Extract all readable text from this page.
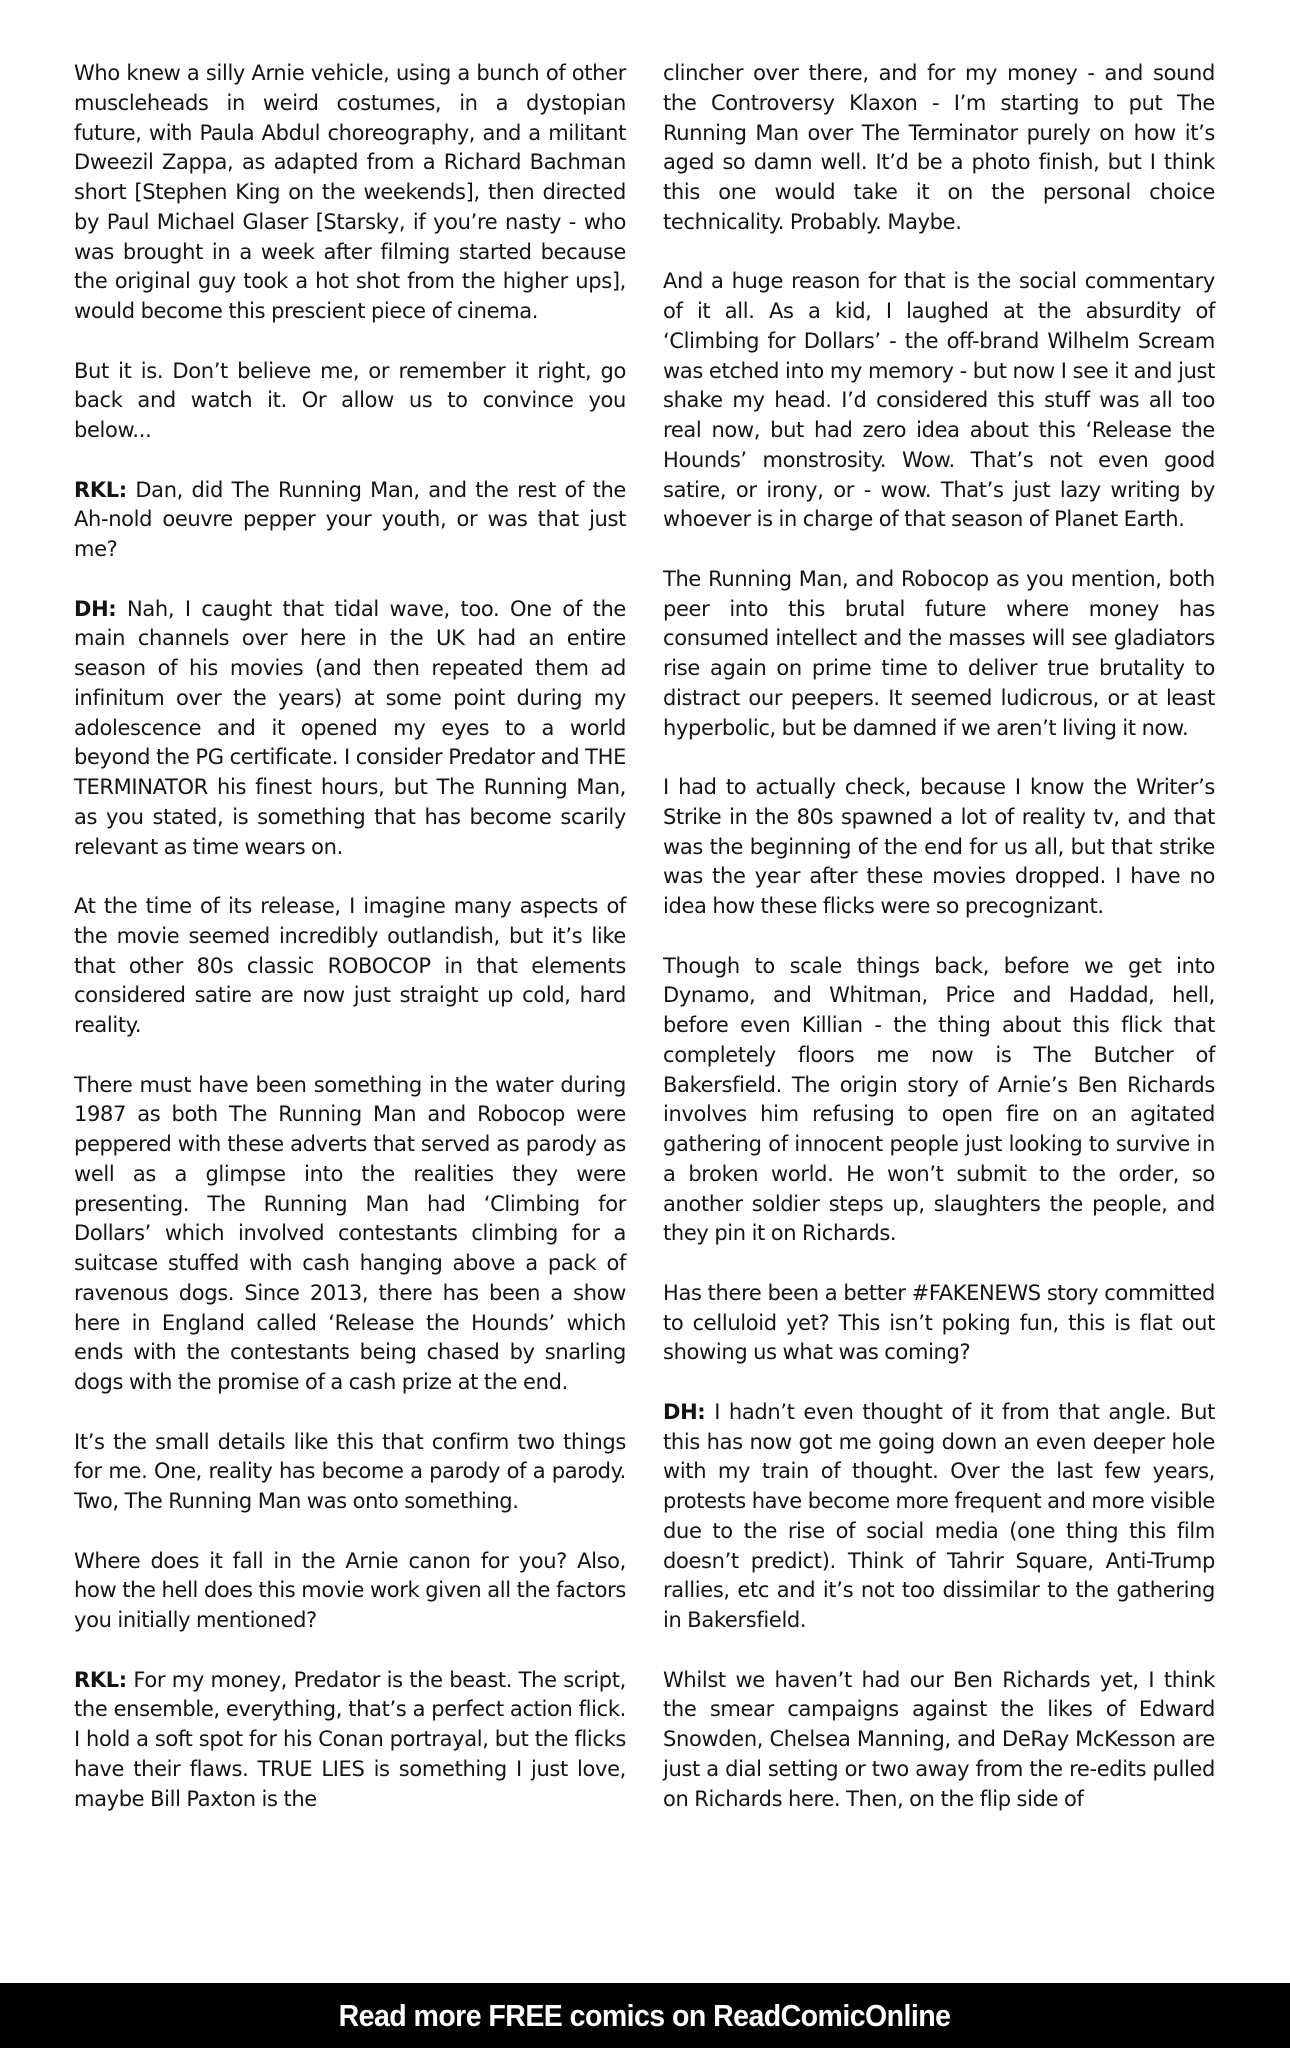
Who knew a silly Arnie vehicle, using a bunch of other muscleheads in weird costumes, in a dystopian future, with Paula Abdul choreography, and a militant Dweezil Zappa, as adapted from a Richard Bachman short [Stephen King on the weekends], then directed by Paul Michael Glaser [Starsky, if you’re nasty - who was brought in a week after filming started because the original guy took a hot shot from the higher ups], would become this prescient piece of cinema.

But it is. Don’t believe me, or remember it right, go back and watch it. Or allow us to convince you below...

RKL: Dan, did The Running Man, and the rest of the Ah-nold oeuvre pepper your youth, or was that just me?

DH: Nah, I caught that tidal wave, too. One of the main channels over here in the UK had an entire season of his movies (and then repeated them ad infinitum over the years) at some point during my adolescence and it opened my eyes to a world beyond the PG certificate. I consider Predator and THE TERMINATOR his finest hours, but The Running Man, as you stated, is something that has become scarily relevant as time wears on.

At the time of its release, I imagine many aspects of the movie seemed incredibly outlandish, but it’s like that other 80s classic ROBOCOP in that elements considered satire are now just straight up cold, hard reality.

There must have been something in the water during 1987 as both The Running Man and Robocop were peppered with these adverts that served as parody as well as a glimpse into the realities they were presenting. The Running Man had ‘Climbing for Dollars’ which involved contestants climbing for a suitcase stuffed with cash hanging above a pack of ravenous dogs. Since 2013, there has been a show here in England called ‘Release the Hounds’ which ends with the contestants being chased by snarling dogs with the promise of a cash prize at the end.

It’s the small details like this that confirm two things for me. One, reality has become a parody of a parody. Two, The Running Man was onto something.

Where does it fall in the Arnie canon for you? Also, how the hell does this movie work given all the factors you initially mentioned?

RKL: For my money, Predator is the beast. The script, the ensemble, everything, that’s a perfect action flick. I hold a soft spot for his Conan portrayal, but the flicks have their flaws. TRUE LIES is something I just love, maybe Bill Paxton is the

clincher over there, and for my money - and sound the Controversy Klaxon - I’m starting to put The Running Man over The Terminator purely on how it’s aged so damn well. It’d be a photo finish, but I think this one would take it on the personal choice technicality. Probably. Maybe.

And a huge reason for that is the social commentary of it all. As a kid, I laughed at the absurdity of ‘Climbing for Dollars’ - the off-brand Wilhelm Scream was etched into my memory - but now I see it and just shake my head. I’d considered this stuff was all too real now, but had zero idea about this ‘Release the Hounds’ monstrosity. Wow. That’s not even good satire, or irony, or - wow. That’s just lazy writing by whoever is in charge of that season of Planet Earth.

The Running Man, and Robocop as you mention, both peer into this brutal future where money has consumed intellect and the masses will see gladiators rise again on prime time to deliver true brutality to distract our peepers. It seemed ludicrous, or at least hyperbolic, but be damned if we aren’t living it now.

I had to actually check, because I know the Writer’s Strike in the 80s spawned a lot of reality tv, and that was the beginning of the end for us all, but that strike was the year after these movies dropped. I have no idea how these flicks were so precognizant.

Though to scale things back, before we get into Dynamo, and Whitman, Price and Haddad, hell, before even Killian - the thing about this flick that completely floors me now is The Butcher of Bakersfield. The origin story of Arnie’s Ben Richards involves him refusing to open fire on an agitated gathering of innocent people just looking to survive in a broken world. He won’t submit to the order, so another soldier steps up, slaughters the people, and they pin it on Richards.

Has there been a better #FAKENEWS story committed to celluloid yet? This isn’t poking fun, this is flat out showing us what was coming?

DH: I hadn’t even thought of it from that angle. But this has now got me going down an even deeper hole with my train of thought. Over the last few years, protests have become more frequent and more visible due to the rise of social media (one thing this film doesn’t predict). Think of Tahrir Square, Anti-Trump rallies, etc and it’s not too dissimilar to the gathering in Bakersfield.

Whilst we haven’t had our Ben Richards yet, I think the smear campaigns against the likes of Edward Snowden, Chelsea Manning, and DeRay McKesson are just a dial setting or two away from the re-edits pulled on Richards here. Then, on the flip side of

Read more FREE comics on ReadComicOnline
